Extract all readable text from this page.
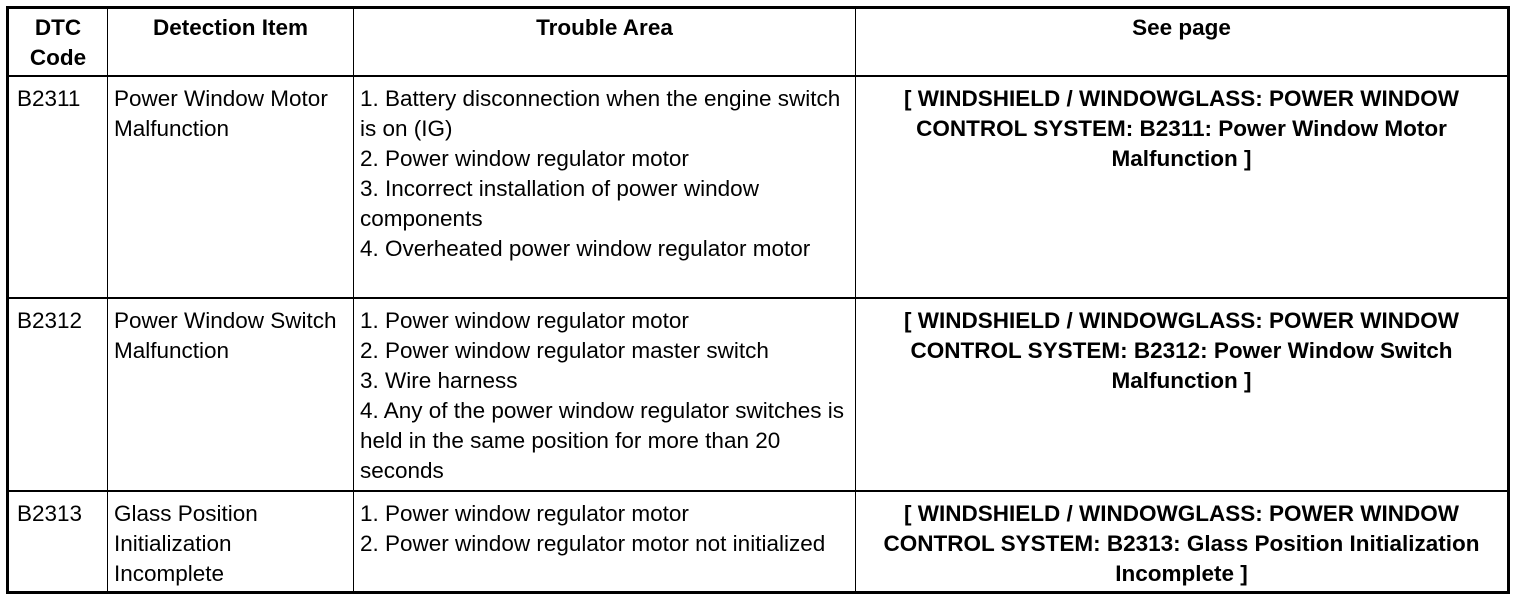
DTC
Code	Detection Item	Trouble Area	See page
B2311	Power Window Motor Malfunction	1. Battery disconnection when the engine switch is on (IG)
2. Power window regulator motor
3. Incorrect installation of power window components
4. Overheated power window regulator motor	[ WINDSHIELD / WINDOWGLASS: POWER WINDOW CONTROL SYSTEM: B2311: Power Window Motor Malfunction ]
B2312	Power Window Switch Malfunction	1. Power window regulator motor
2. Power window regulator master switch
3. Wire harness
4. Any of the power window regulator switches is held in the same position for more than 20 seconds	[ WINDSHIELD / WINDOWGLASS: POWER WINDOW CONTROL SYSTEM: B2312: Power Window Switch Malfunction ]
B2313	Glass Position Initialization Incomplete	1. Power window regulator motor
2. Power window regulator motor not initialized	[ WINDSHIELD / WINDOWGLASS: POWER WINDOW CONTROL SYSTEM: B2313: Glass Position Initialization Incomplete ]
